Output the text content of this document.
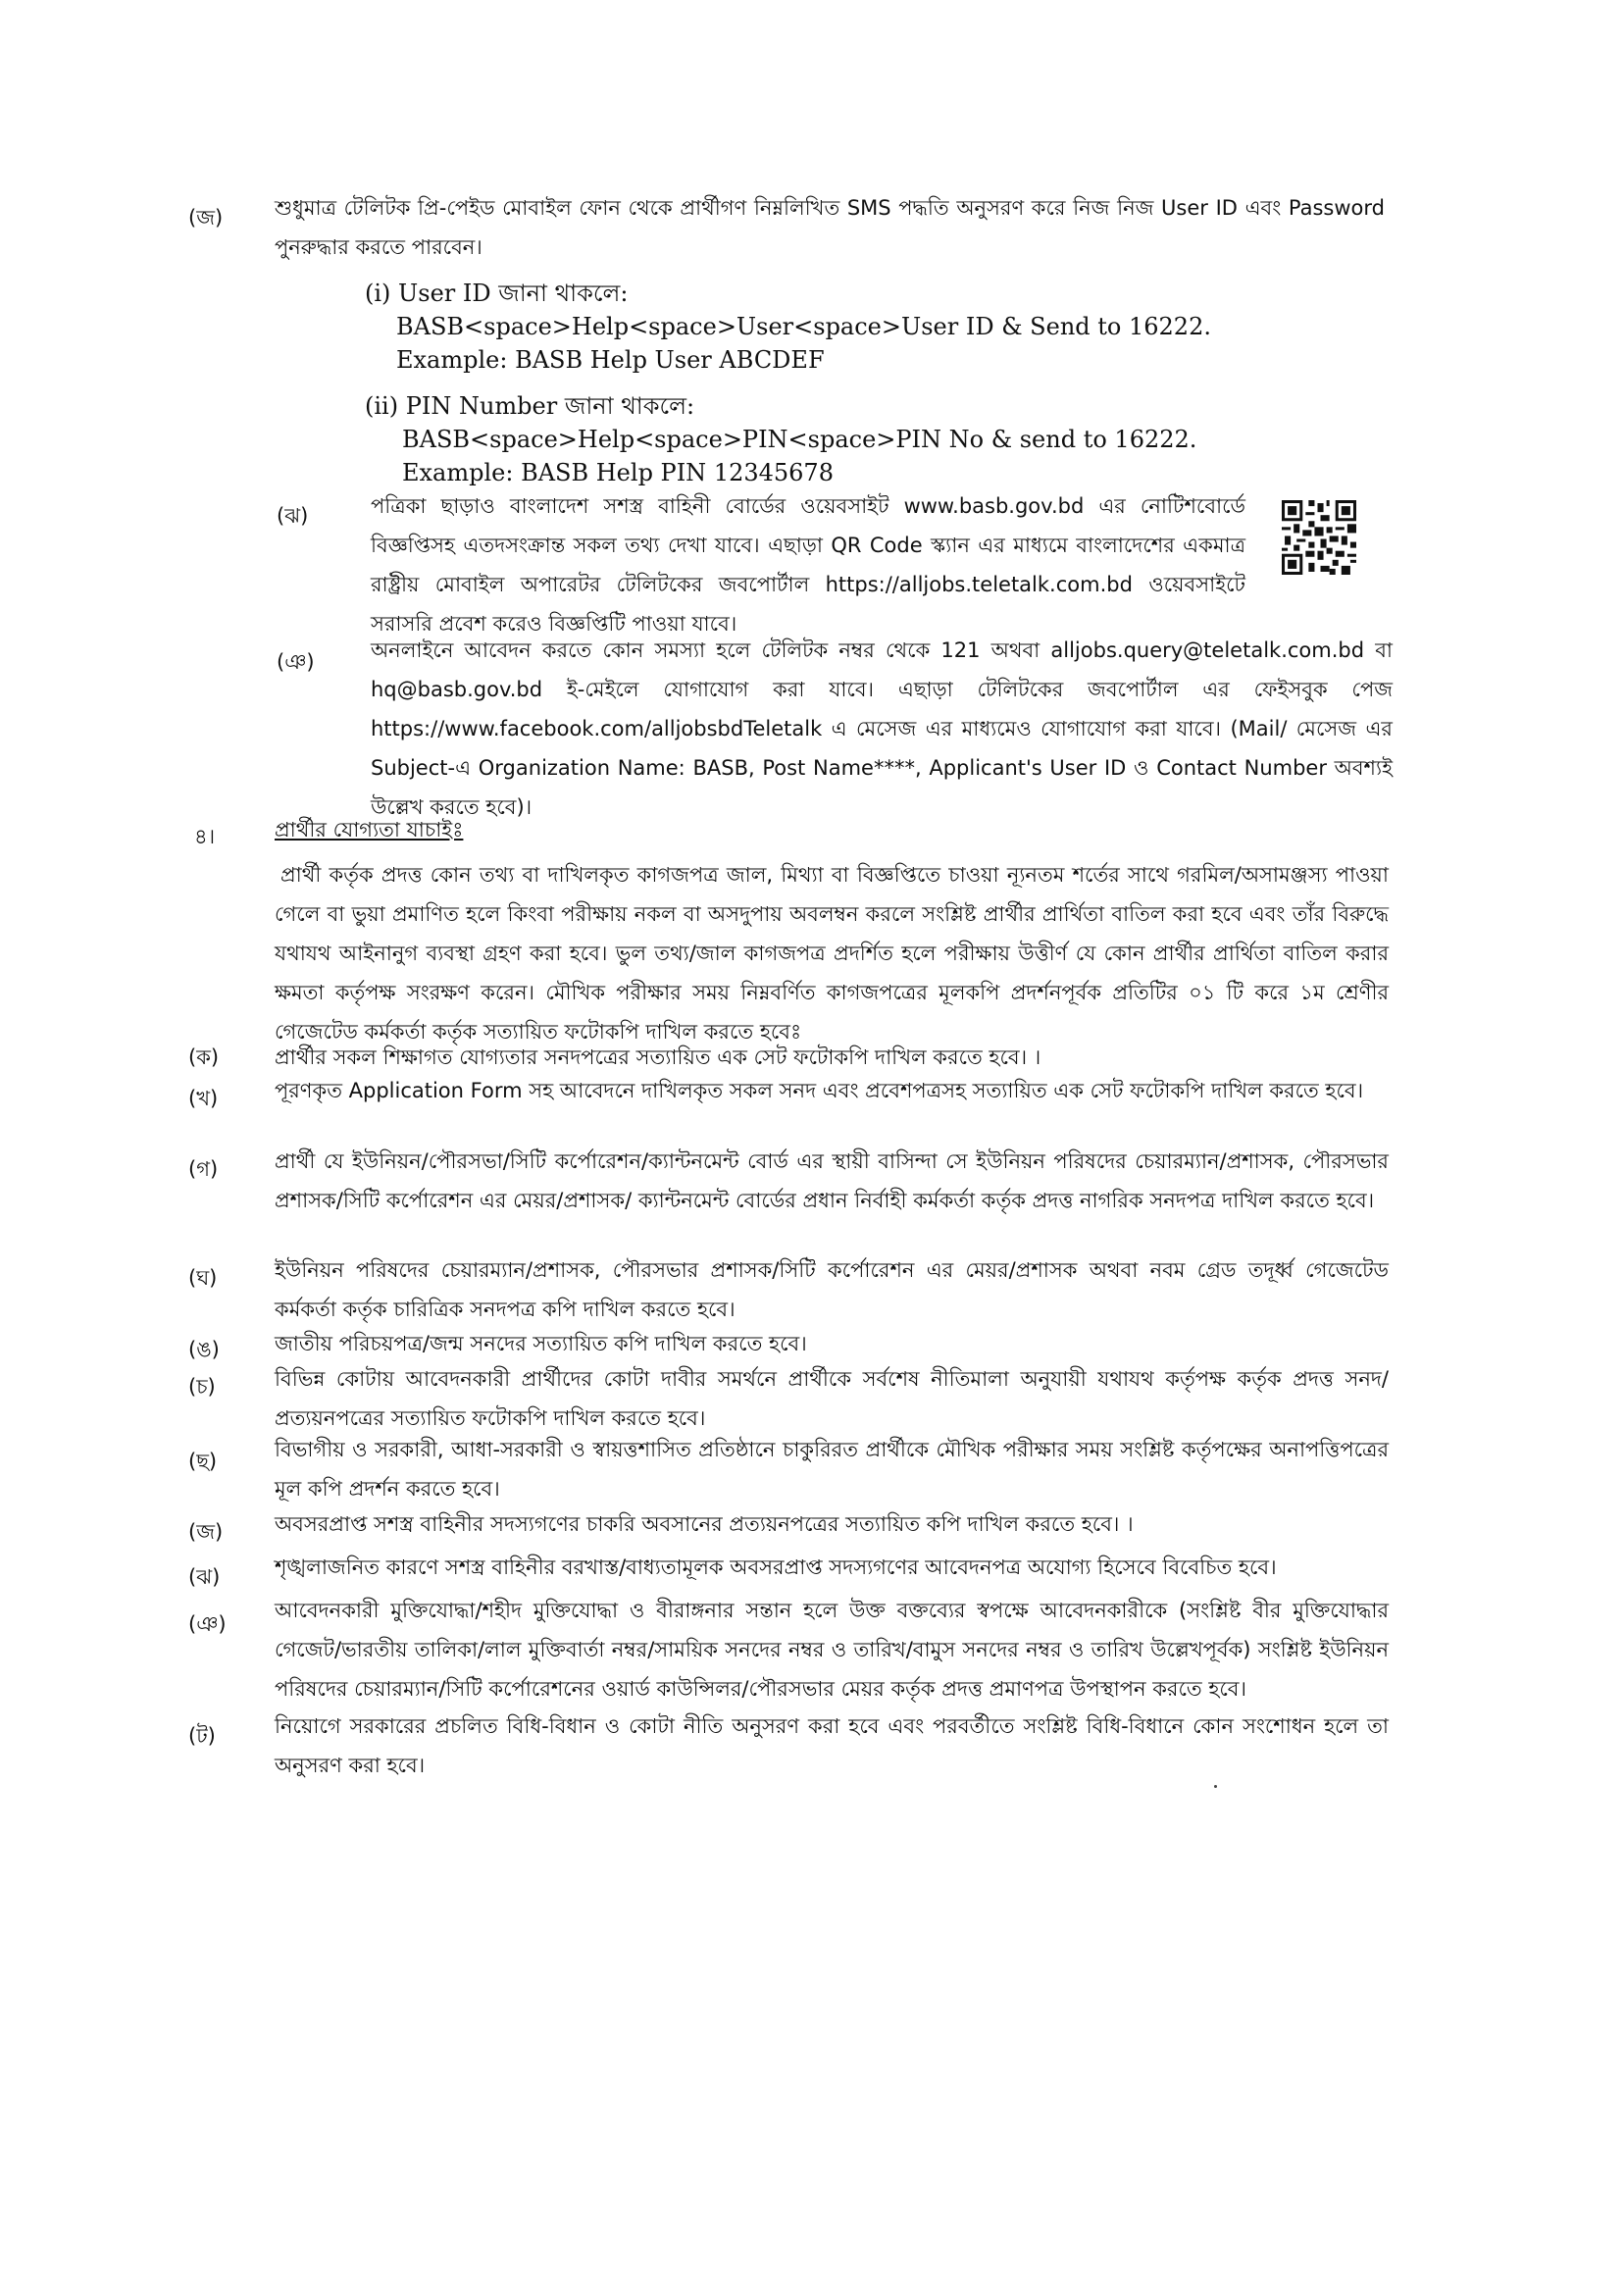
(জ)	শুধুমাত্র টেলিটক প্রি-পেইড মোবাইল ফোন থেকে প্রার্থীগণ নিম্নলিখিত SMS পদ্ধতি অনুসরণ করে নিজ নিজ User ID এবং Password পুনরুদ্ধার করতে পারবেন।
(i) User ID জানা থাকলে:
BASB<space>Help<space>User<space>User ID & Send to 16222.
Example: BASB Help User ABCDEF
(ii) PIN Number জানা থাকলে:
BASB<space>Help<space>PIN<space>PIN No & send to 16222.
Example: BASB Help PIN 12345678
(ঝ)	পত্রিকা ছাড়াও বাংলাদেশ সশস্ত্র বাহিনী বোর্ডের ওয়েবসাইট www.basb.gov.bd এর নোটিশবোর্ডে বিজ্ঞপ্তিসহ এতদসংক্রান্ত সকল তথ্য দেখা যাবে। এছাড়া QR Code স্ক্যান এর মাধ্যমে বাংলাদেশের একমাত্র রাষ্ট্রীয় মোবাইল অপারেটর টেলিটকের জবপোর্টাল https://alljobs.teletalk.com.bd ওয়েবসাইটে সরাসরি প্রবেশ করেও বিজ্ঞপ্তিটি পাওয়া যাবে।
(ঞ)	অনলাইনে আবেদন করতে কোন সমস্যা হলে টেলিটক নম্বর থেকে 121 অথবা alljobs.query@teletalk.com.bd বা hq@basb.gov.bd ই-মেইলে যোগাযোগ করা যাবে। এছাড়া টেলিটকের জবপোর্টাল এর ফেইসবুক পেজ https://www.facebook.com/alljobsbdTeletalk এ মেসেজ এর মাধ্যমেও যোগাযোগ করা যাবে। (Mail/ মেসেজ এর Subject-এ Organization Name: BASB, Post Name****, Applicant's User ID ও Contact Number অবশ্যই উল্লেখ করতে হবে)।
৪।	প্রার্থীর যোগ্যতা যাচাইঃ
প্রার্থী কর্তৃক প্রদত্ত কোন তথ্য বা দাখিলকৃত কাগজপত্র জাল, মিথ্যা বা বিজ্ঞপ্তিতে চাওয়া ন্যূনতম শর্তের সাথে গরমিল/অসামঞ্জস্য পাওয়া গেলে বা ভুয়া প্রমাণিত হলে কিংবা পরীক্ষায় নকল বা অসদুপায় অবলম্বন করলে সংশ্লিষ্ট প্রার্থীর প্রার্থিতা বাতিল করা হবে এবং তাঁর বিরুদ্ধে যথাযথ আইনানুগ ব্যবস্থা গ্রহণ করা হবে। ভুল তথ্য/জাল কাগজপত্র প্রদর্শিত হলে পরীক্ষায় উত্তীর্ণ যে কোন প্রার্থীর প্রার্থিতা বাতিল করার ক্ষমতা কর্তৃপক্ষ সংরক্ষণ করেন। মৌখিক পরীক্ষার সময় নিম্নবর্ণিত কাগজপত্রের মূলকপি প্রদর্শনপূর্বক প্রতিটির ০১ টি করে ১ম শ্রেণীর গেজেটেড কর্মকর্তা কর্তৃক সত্যায়িত ফটোকপি দাখিল করতে হবেঃ
(ক)	প্রার্থীর সকল শিক্ষাগত যোগ্যতার সনদপত্রের সত্যায়িত এক সেট ফটোকপি দাখিল করতে হবে। ।
(খ)	পূরণকৃত Application Form সহ আবেদনে দাখিলকৃত সকল সনদ এবং প্রবেশপত্রসহ সত্যায়িত এক সেট ফটোকপি দাখিল করতে হবে।
(গ)	প্রার্থী যে ইউনিয়ন/পৌরসভা/সিটি কর্পোরেশন/ক্যান্টনমেন্ট বোর্ড এর স্থায়ী বাসিন্দা সে ইউনিয়ন পরিষদের চেয়ারম্যান/প্রশাসক, পৌরসভার প্রশাসক/সিটি কর্পোরেশন এর মেয়র/প্রশাসক/ ক্যান্টনমেন্ট বোর্ডের প্রধান নির্বাহী কর্মকর্তা কর্তৃক প্রদত্ত নাগরিক সনদপত্র দাখিল করতে হবে।
(ঘ)	ইউনিয়ন পরিষদের চেয়ারম্যান/প্রশাসক, পৌরসভার প্রশাসক/সিটি কর্পোরেশন এর মেয়র/প্রশাসক অথবা নবম গ্রেড তদূর্ধ্ব গেজেটেড কর্মকর্তা কর্তৃক চারিত্রিক সনদপত্র কপি দাখিল করতে হবে।
(ঙ)	জাতীয় পরিচয়পত্র/জন্ম সনদের সত্যায়িত কপি দাখিল করতে হবে।
(চ)	বিভিন্ন কোটায় আবেদনকারী প্রার্থীদের কোটা দাবীর সমর্থনে প্রার্থীকে সর্বশেষ নীতিমালা অনুযায়ী যথাযথ কর্তৃপক্ষ কর্তৃক প্রদত্ত সনদ/প্রত্যয়নপত্রের সত্যায়িত ফটোকপি দাখিল করতে হবে।
(ছ)	বিভাগীয় ও সরকারী, আধা-সরকারী ও স্বায়ত্তশাসিত প্রতিষ্ঠানে চাকুরিরত প্রার্থীকে মৌখিক পরীক্ষার সময় সংশ্লিষ্ট কর্তৃপক্ষের অনাপত্তিপত্রের মূল কপি প্রদর্শন করতে হবে।
(জ)	অবসরপ্রাপ্ত সশস্ত্র বাহিনীর সদস্যগণের চাকরি অবসানের প্রত্যয়নপত্রের সত্যায়িত কপি দাখিল করতে হবে। ।
(ঝ)	শৃঙ্খলাজনিত কারণে সশস্ত্র বাহিনীর বরখাস্ত/বাধ্যতামূলক অবসরপ্রাপ্ত সদস্যগণের আবেদনপত্র অযোগ্য হিসেবে বিবেচিত হবে।
(ঞ)
আবেদনকারী মুক্তিযোদ্ধা/শহীদ মুক্তিযোদ্ধা ও বীরাঙ্গনার সন্তান হলে উক্ত বক্তব্যের স্বপক্ষে আবেদনকারীকে (সংশ্লিষ্ট বীর মুক্তিযোদ্ধার গেজেট/ভারতীয় তালিকা/লাল মুক্তিবার্তা নম্বর/সাময়িক সনদের নম্বর ও তারিখ/বামুস সনদের নম্বর ও তারিখ উল্লেখপূর্বক) সংশ্লিষ্ট ইউনিয়ন পরিষদের চেয়ারম্যান/সিটি কর্পোরেশনের ওয়ার্ড কাউন্সিলর/পৌরসভার মেয়র কর্তৃক প্রদত্ত প্রমাণপত্র উপস্থাপন করতে হবে।
(ট)	নিয়োগে সরকারের প্রচলিত বিধি-বিধান ও কোটা নীতি অনুসরণ করা হবে এবং পরবর্তীতে সংশ্লিষ্ট বিধি-বিধানে কোন সংশোধন হলে তা অনুসরণ করা হবে।
